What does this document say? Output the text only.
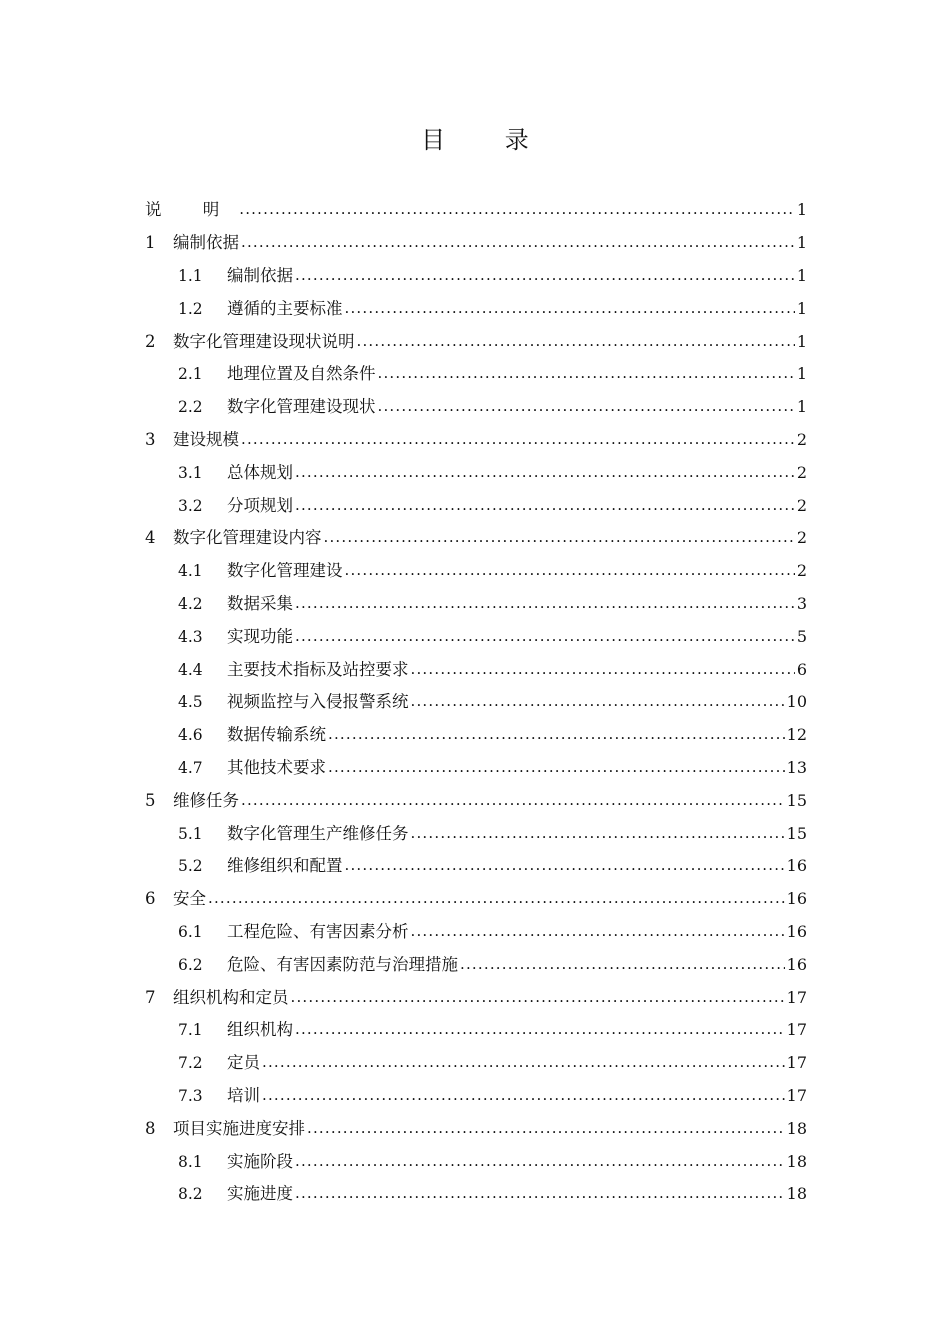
目 录
说 明 .....	1
1	编制依据 .....	1
1.1	编制依据 .....	1
1.2	遵循的主要标准 .....	1
2	数字化管理建设现状说明 .....	1
2.1	地理位置及自然条件 .....	1
2.2	数字化管理建设现状 .....	1
3	建设规模 .....	2
3.1	总体规划 .....	2
3.2	分项规划 .....	2
4	数字化管理建设内容 .....	2
4.1	数字化管理建设 .....	2
4.2	数据采集 .....	3
4.3	实现功能 .....	5
4.4	主要技术指标及站控要求 .....	6
4.5	视频监控与入侵报警系统 .....	10
4.6	数据传输系统 .....	12
4.7	其他技术要求 .....	13
5	维修任务 .....	15
5.1	数字化管理生产维修任务 .....	15
5.2	维修组织和配置 .....	16
6	安全 .....	16
6.1	工程危险、有害因素分析 .....	16
6.2	危险、有害因素防范与治理措施 .....	16
7	组织机构和定员 .....	17
7.1	组织机构 .....	17
7.2	定员 .....	17
7.3	培训 .....	17
8	项目实施进度安排 .....	18
8.1	实施阶段 .....	18
8.2	实施进度 .....	18
